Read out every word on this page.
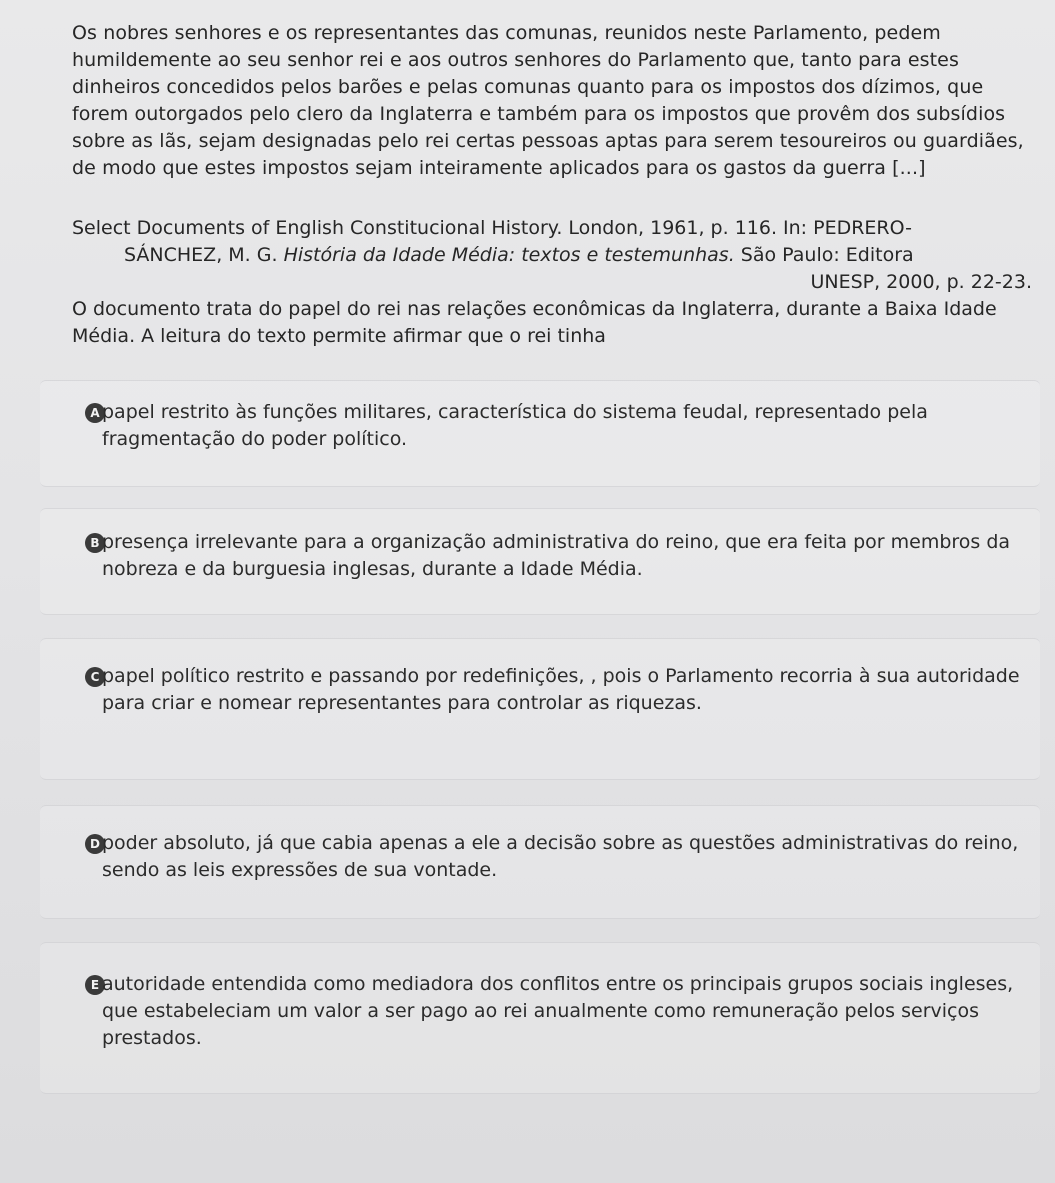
Os nobres senhores e os representantes das comunas, reunidos neste Parlamento, pedem humildemente ao seu senhor rei e aos outros senhores do Parlamento que, tanto para estes dinheiros concedidos pelos barões e pelas comunas quanto para os impostos dos dízimos, que forem outorgados pelo clero da Inglaterra e também para os impostos que provêm dos subsídios sobre as lãs, sejam designadas pelo rei certas pessoas aptas para serem tesoureiros ou guardiães, de modo que estes impostos sejam inteiramente aplicados para os gastos da guerra [...]
Select Documents of English Constitucional History. London, 1961, p. 116. In: PEDRERO-
SÁNCHEZ, M. G. História da Idade Média: textos e testemunhas. São Paulo: Editora
UNESP, 2000, p. 22-23.
O documento trata do papel do rei nas relações econômicas da Inglaterra, durante a Baixa Idade Média. A leitura do texto permite afirmar que o rei tinha
A papel restrito às funções militares, característica do sistema feudal, representado pela fragmentação do poder político.
B presença irrelevante para a organização administrativa do reino, que era feita por membros da nobreza e da burguesia inglesas, durante a Idade Média.
C papel político restrito e passando por redefinições, , pois o Parlamento recorria à sua autoridade para criar e nomear representantes para controlar as riquezas.
D poder absoluto, já que cabia apenas a ele a decisão sobre as questões administrativas do reino, sendo as leis expressões de sua vontade.
E autoridade entendida como mediadora dos conflitos entre os principais grupos sociais ingleses, que estabeleciam um valor a ser pago ao rei anualmente como remuneração pelos serviços prestados.
